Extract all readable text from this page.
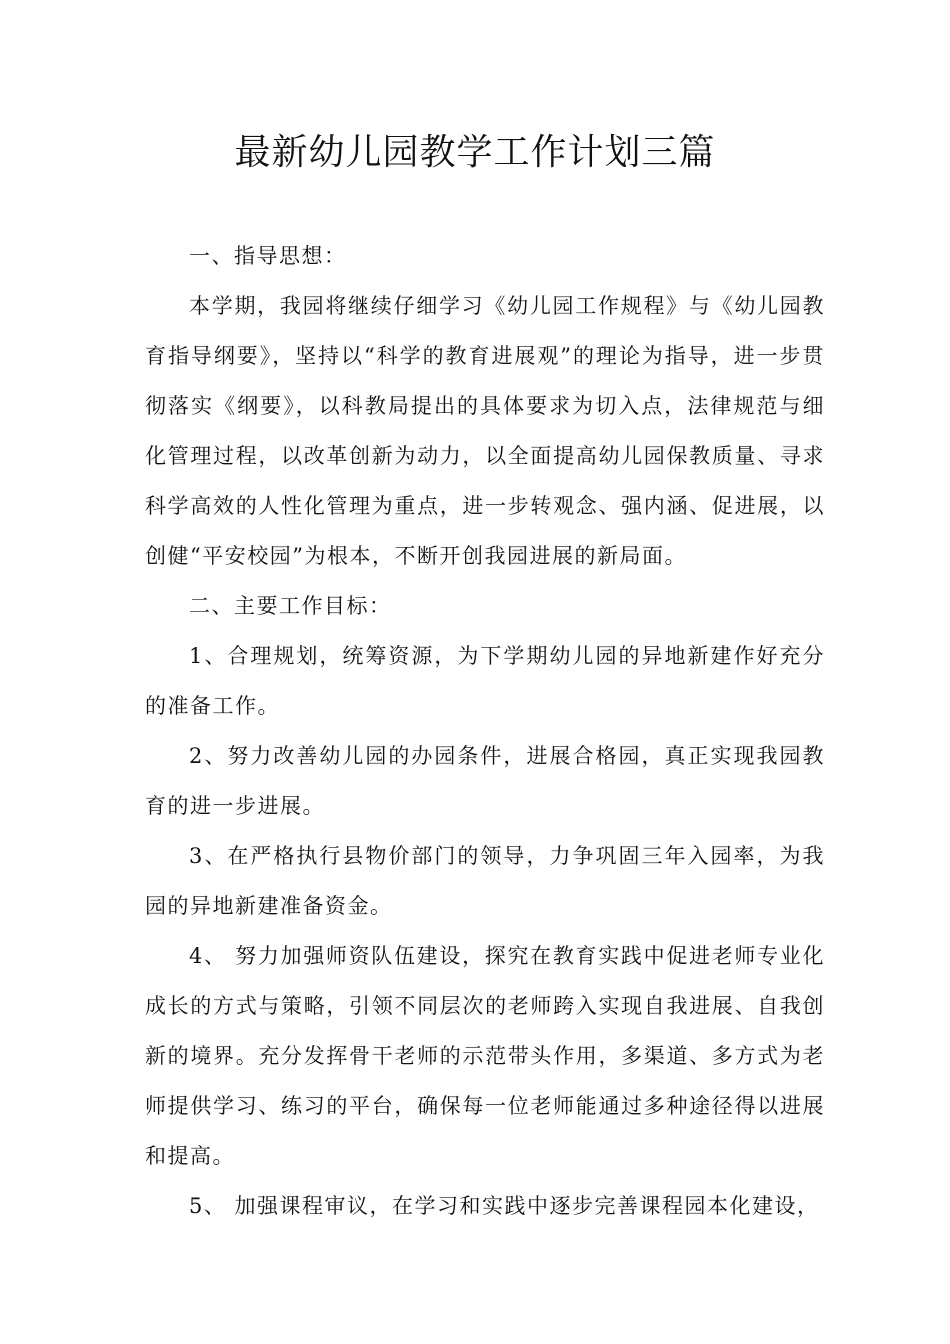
最新幼儿园教学工作计划三篇

一、指导思想：

本学期，我园将继续仔细学习《幼儿园工作规程》与《幼儿园教育指导纲要》，坚持以“科学的教育进展观”的理论为指导，进一步贯彻落实《纲要》，以科教局提出的具体要求为切入点，法律规范与细化管理过程，以改革创新为动力，以全面提高幼儿园保教质量、寻求科学高效的人性化管理为重点，进一步转观念、强内涵、促进展，以创健“平安校园”为根本，不断开创我园进展的新局面。

二、主要工作目标：

1、合理规划，统筹资源，为下学期幼儿园的异地新建作好充分的准备工作。

2、努力改善幼儿园的办园条件，进展合格园，真正实现我园教育的进一步进展。

3、在严格执行县物价部门的领导，力争巩固三年入园率，为我园的异地新建准备资金。

4、 努力加强师资队伍建设，探究在教育实践中促进老师专业化成长的方式与策略，引领不同层次的老师跨入实现自我进展、自我创新的境界。充分发挥骨干老师的示范带头作用，多渠道、多方式为老师提供学习、练习的平台，确保每一位老师能通过多种途径得以进展和提高。

5、 加强课程审议，在学习和实践中逐步完善课程园本化建设，
